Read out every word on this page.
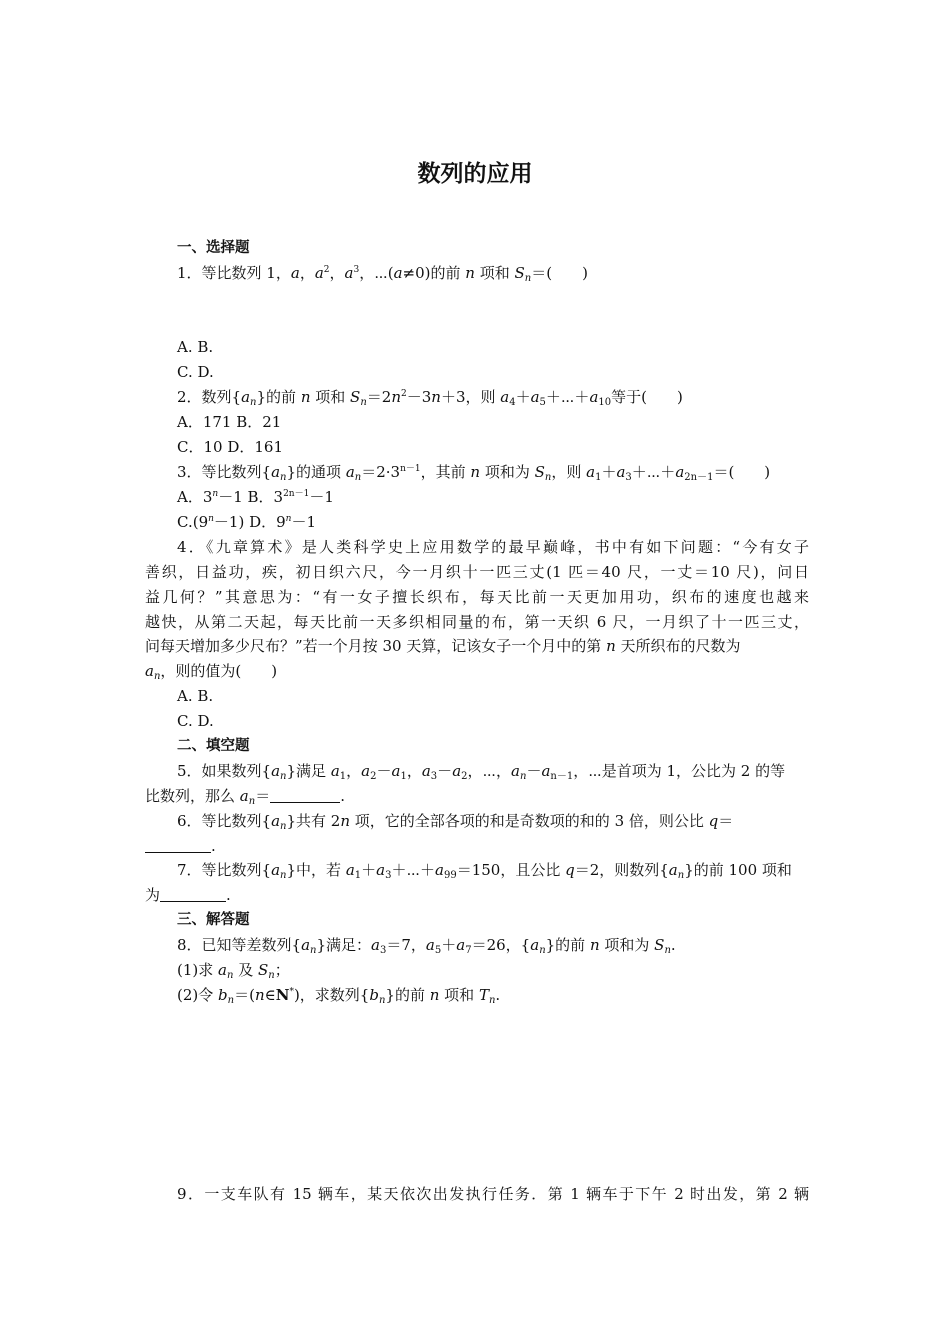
数列的应用
一、选择题
1．等比数列 1，a，$a^2$，$a^3$，⋯(a≠0)的前 n 项和 $S_n=$(　　)
A. B.
C. D.
2．数列$\{a_n\}$的前 n 项和 $S_n=2n^2-3n+3$，则 $a_4+a_5+\cdots+a_{10}$等于(　　)
A．171 B．21
C．10 D．161
3．等比数列$\{a_n\}$的通项 $a_n=2\cdot 3^{n-1}$，其前 n 项和为 $S_n$，则 $a_1+a_3+\cdots+a_{2n-1}=$(　　)
A．$3^n-1$ B．$3^{2n-1}-1$
$C.(9^n-1)$ D．$9^n-1$
4．《九章算术》是人类科学史上应用数学的最早巅峰，书中有如下问题：“今有女子
善织，日益功，疾，初日织六尺，今一月织十一匹三丈(1 匹＝40 尺，一丈＝10 尺)，问日
益几何？”其意思为：“有一女子擅长织布，每天比前一天更加用功，织布的速度也越来
越快，从第二天起，每天比前一天多织相同量的布，第一天织 6 尺，一月织了十一匹三丈，
问每天增加多少尺布？”若一个月按 30 天算，记该女子一个月中的第 n 天所织布的尺数为
$a_n$，则的值为(　　)
A. B.
C. D.
二、填空题
5．如果数列$\{a_n\}$满足 $a_1$，$a_2-a_1$，$a_3-a_2$，⋯，$a_n-a_{n-1}$，⋯是首项为 1，公比为 2 的等
比数列，那么 $a_n=$	.
6．等比数列$\{a_n\}$共有 2n 项，它的全部各项的和是奇数项的和的 3 倍，则公比 q＝
.
7．等比数列$\{a_n\}$中，若 $a_1+a_3+\cdots+a_{99}=150$，且公比 q＝2，则数列$\{a_n\}$的前 100 项和
为	.
三、解答题
8．已知等差数列$\{a_n\}$满足：$a_3=7$，$a_5+a_7=26$，$\{a_n\}$的前 n 项和为 $S_n$.
(1)求 $a_n$ 及 $S_n$；
(2)令 $b_n=(n\in N^*)$，求数列$\{b_n\}$的前 n 项和 $T_n$.
9．一支车队有 15 辆车，某天依次出发执行任务．第 1 辆车于下午 2 时出发，第 2 辆
